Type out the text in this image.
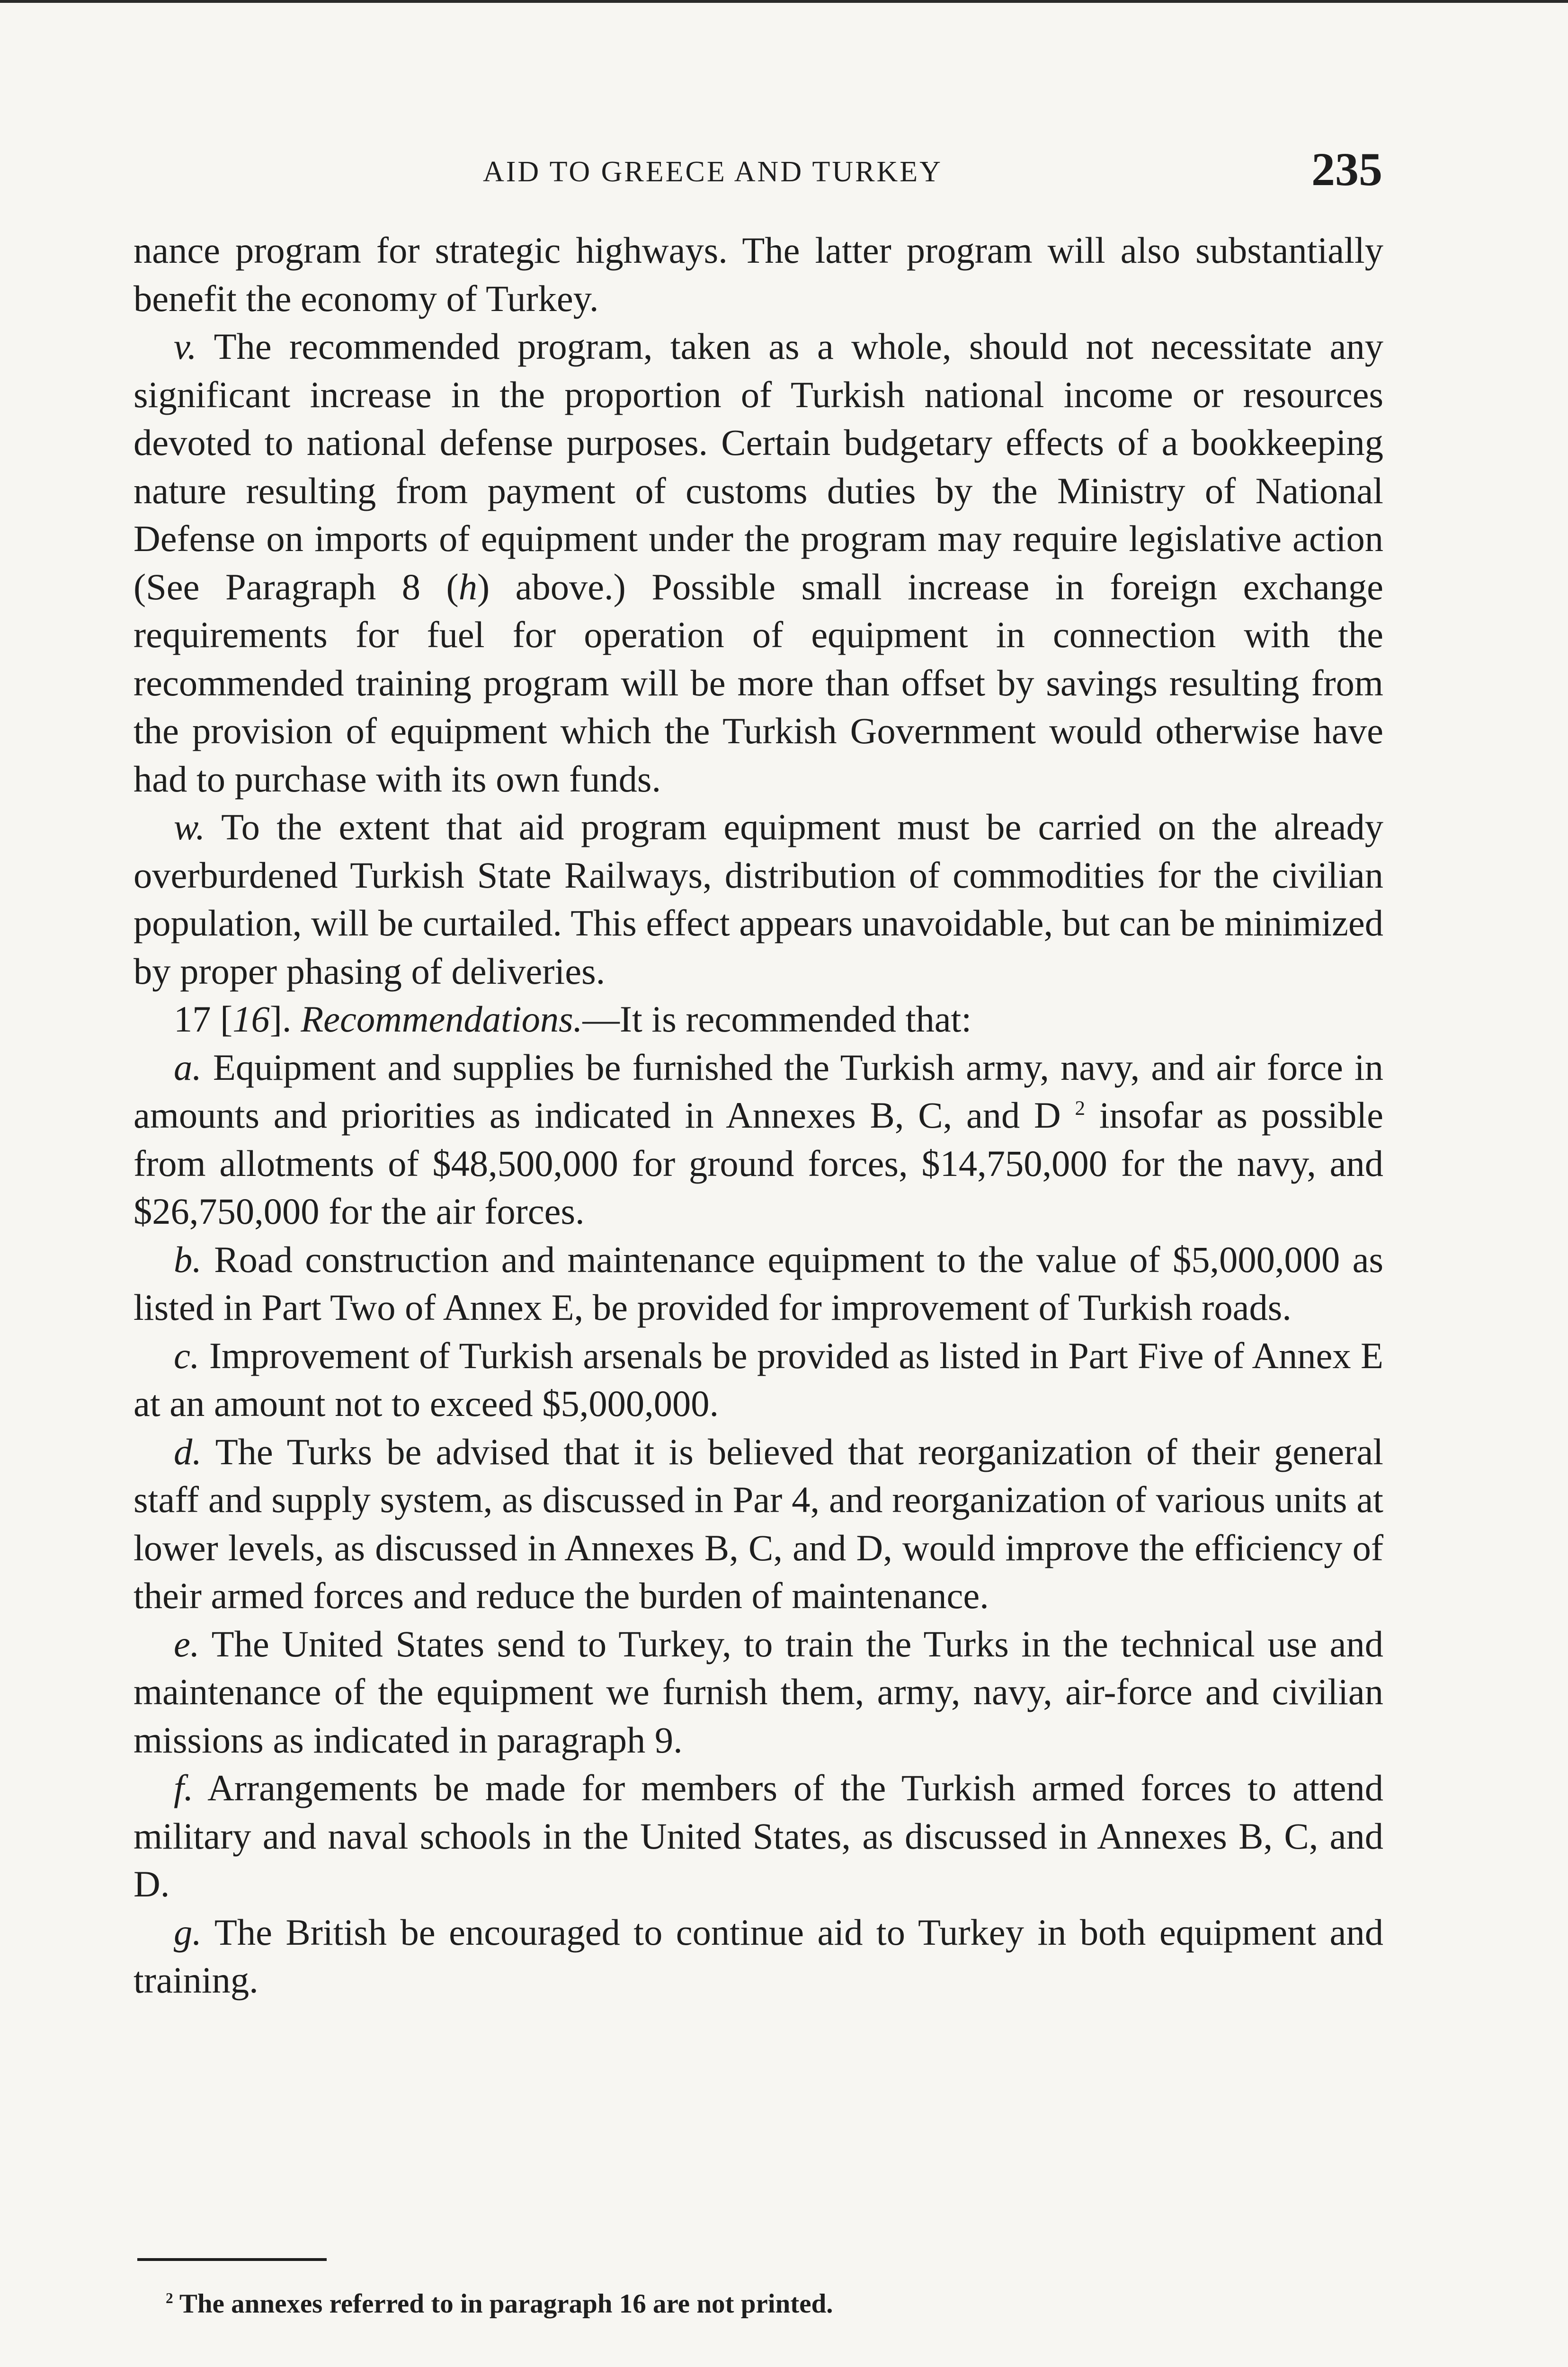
AID TO GREECE AND TURKEY	235

nance program for strategic highways. The latter program will also substantially benefit the economy of Turkey.

v. The recommended program, taken as a whole, should not necessitate any significant increase in the proportion of Turkish national income or resources devoted to national defense purposes. Certain budgetary effects of a bookkeeping nature resulting from payment of customs duties by the Ministry of National Defense on imports of equipment under the program may require legislative action (See Paragraph 8 (h) above.) Possible small increase in foreign exchange requirements for fuel for operation of equipment in connection with the recommended training program will be more than offset by savings resulting from the provision of equipment which the Turkish Government would otherwise have had to purchase with its own funds.

w. To the extent that aid program equipment must be carried on the already overburdened Turkish State Railways, distribution of commodities for the civilian population, will be curtailed. This effect appears unavoidable, but can be minimized by proper phasing of deliveries.

17 [16]. Recommendations.—It is recommended that:

a. Equipment and supplies be furnished the Turkish army, navy, and air force in amounts and priorities as indicated in Annexes B, C, and D $^2$ insofar as possible from allotments of $48,500,000 for ground forces, $14,750,000 for the navy, and $26,750,000 for the air forces.

b. Road construction and maintenance equipment to the value of $5,000,000 as listed in Part Two of Annex E, be provided for improvement of Turkish roads.

c. Improvement of Turkish arsenals be provided as listed in Part Five of Annex E at an amount not to exceed $5,000,000.

d. The Turks be advised that it is believed that reorganization of their general staff and supply system, as discussed in Par 4, and reorganization of various units at lower levels, as discussed in Annexes B, C, and D, would improve the efficiency of their armed forces and reduce the burden of maintenance.

e. The United States send to Turkey, to train the Turks in the technical use and maintenance of the equipment we furnish them, army, navy, air-force and civilian missions as indicated in paragraph 9.

f. Arrangements be made for members of the Turkish armed forces to attend military and naval schools in the United States, as discussed in Annexes B, C, and D.

g. The British be encouraged to continue aid to Turkey in both equipment and training.

$^2$ The annexes referred to in paragraph 16 are not printed.
